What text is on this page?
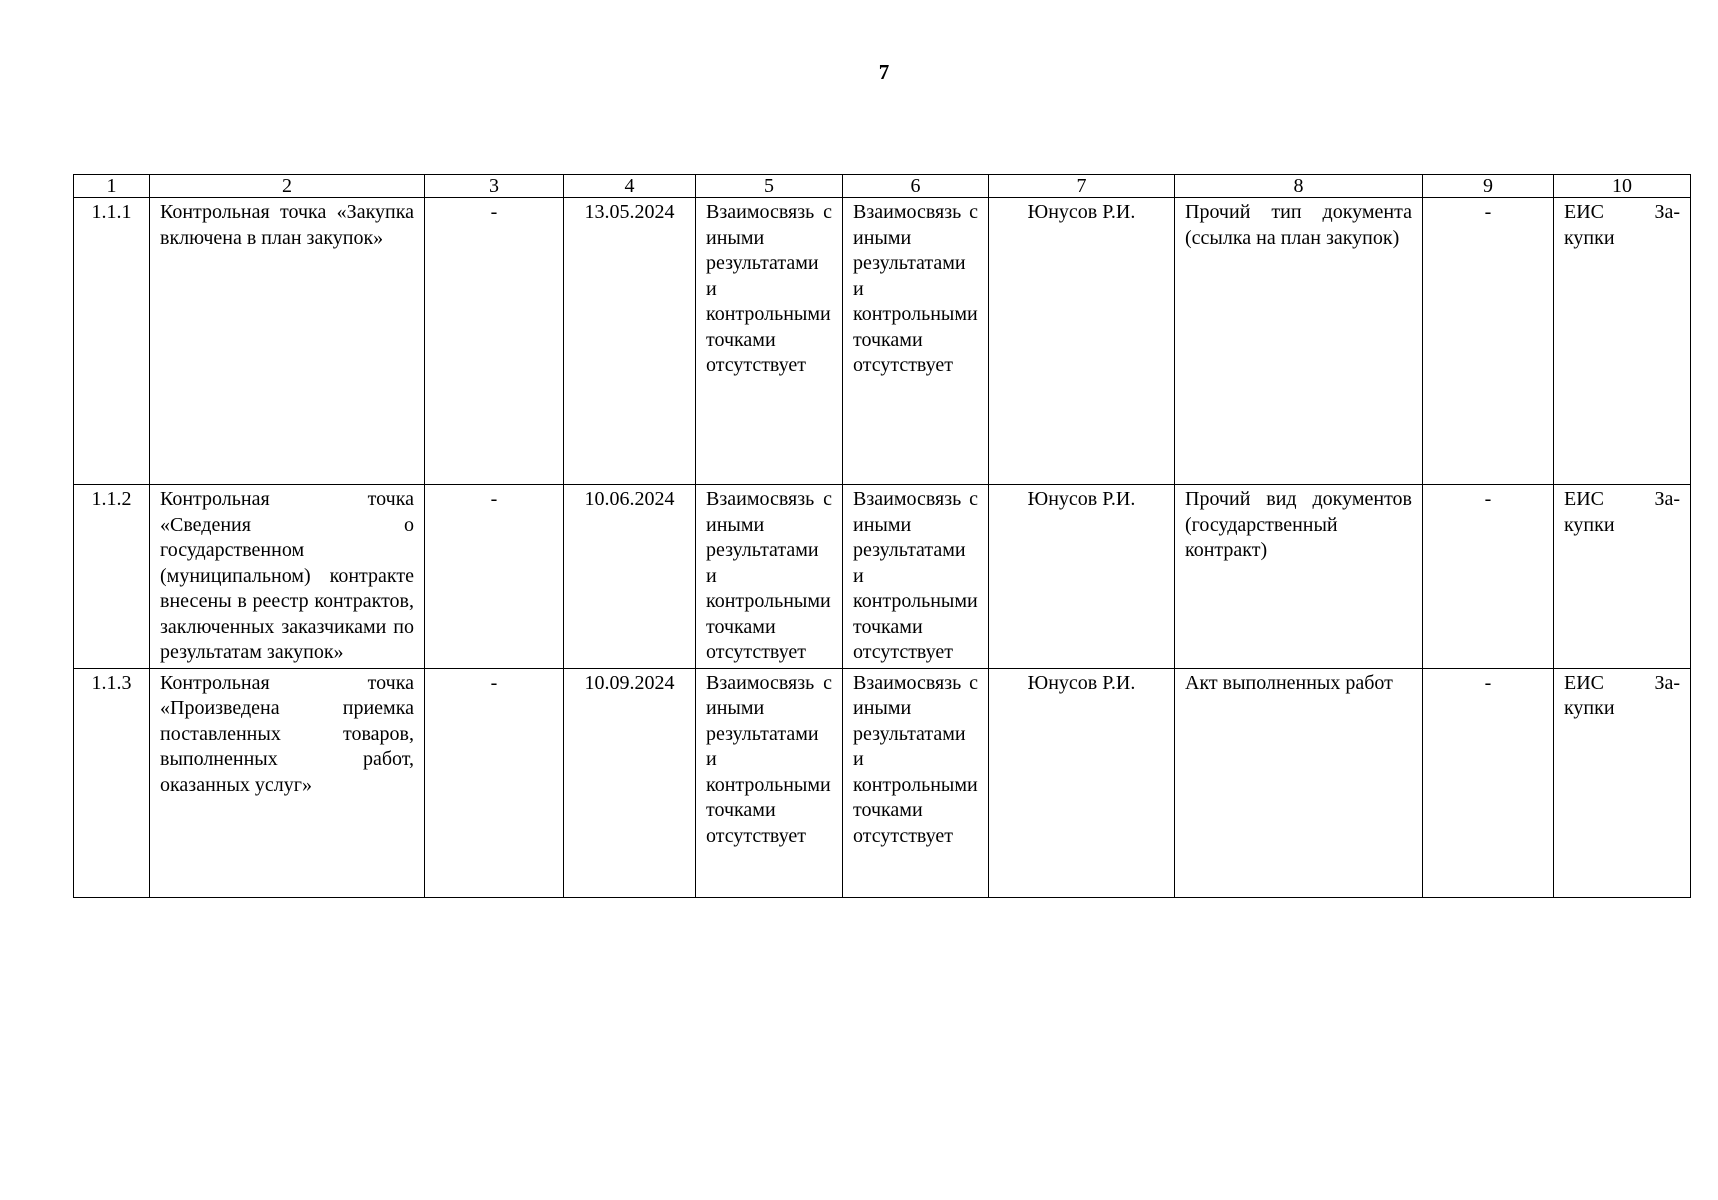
7
1	2	3	4	5	6	7	8	9	10
1.1.1	Контрольная точка «Закупка включена в план закупок»	-	13.05.2024	Взаимосвязь с иными результатами и контрольными точками отсутствует	Взаимосвязь с иными результатами и контрольными точками отсутствует	Юнусов Р.И.	Прочий тип документа (ссылка на план закупок)	-	ЕИС За-
купки

1.1.2	Контрольная точка «Сведения о государственном (муниципальном) контракте внесены в реестр контрактов, заключенных заказчиками по результатам закупок»	-	10.06.2024	Взаимосвязь с иными результатами и контрольными точками отсутствует	Взаимосвязь с иными результатами и контрольными точками отсутствует	Юнусов Р.И.	Прочий вид документов (государственный контракт)	-	ЕИС За-
купки

1.1.3	Контрольная точка «Произведена приемка поставленных товаров, выполненных работ, оказанных услуг»	-	10.09.2024	Взаимосвязь с иными результатами и контрольными точками отсутствует	Взаимосвязь с иными результатами и контрольными точками отсутствует	Юнусов Р.И.	Акт выполненных работ	-	ЕИС За-
купки
